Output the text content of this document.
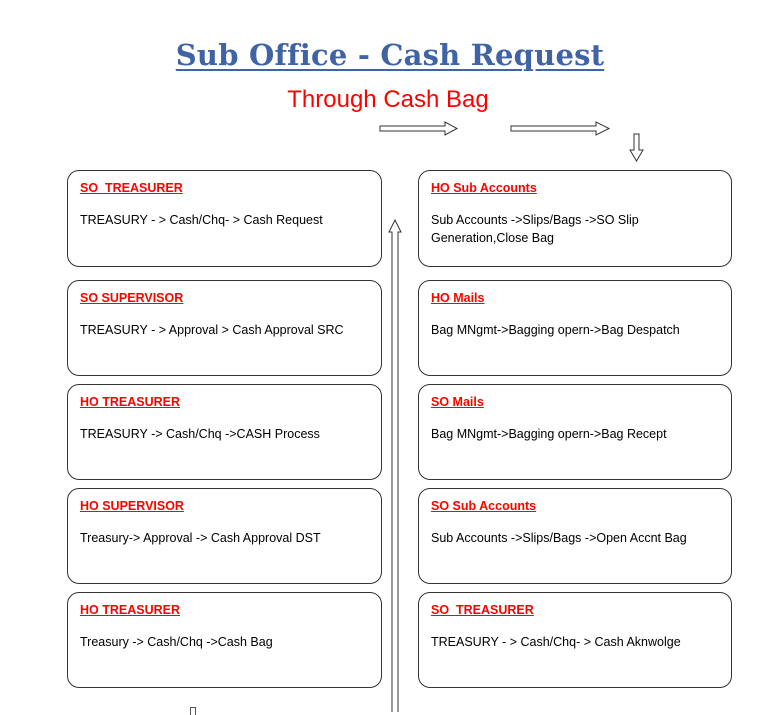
Sub Office - Cash Request
Through Cash Bag
SO  TREASURER
TREASURY - > Cash/Chq- > Cash Request
SO SUPERVISOR
TREASURY - > Approval > Cash Approval SRC
HO TREASURER
TREASURY -> Cash/Chq ->CASH Process
HO SUPERVISOR
Treasury-> Approval -> Cash Approval DST
HO TREASURER
Treasury -> Cash/Chq ->Cash Bag
HO Sub Accounts
Sub Accounts ->Slips/Bags ->SO Slip Generation,Close Bag
HO Mails
Bag MNgmt->Bagging opern->Bag Despatch
SO Mails
Bag MNgmt->Bagging opern->Bag Recept
SO Sub Accounts
Sub Accounts ->Slips/Bags ->Open Accnt Bag
SO  TREASURER
TREASURY - > Cash/Chq- > Cash Aknwolge
